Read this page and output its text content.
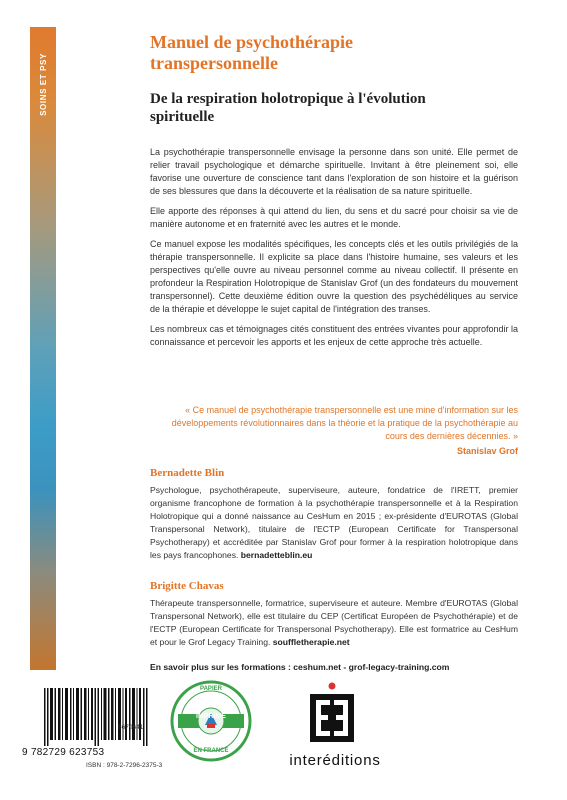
SOINS ET PSY
Manuel de psychothérapie transpersonnelle
De la respiration holotropique à l'évolution spirituelle

La psychothérapie transpersonnelle envisage la personne dans son unité. Elle permet de relier travail psychologique et démarche spirituelle. Invitant à être pleinement soi, elle favorise une ouverture de conscience tant dans l'exploration de son histoire et la guérison de ses blessures que dans la découverte et la réalisation de sa nature spirituelle.

Elle apporte des réponses à qui attend du lien, du sens et du sacré pour choisir sa vie de manière autonome et en fraternité avec les autres et le monde.

Ce manuel expose les modalités spécifiques, les concepts clés et les outils privilégiés de la thérapie transpersonnelle. Il explicite sa place dans l'histoire humaine, ses valeurs et les perspectives qu'elle ouvre au niveau personnel comme au niveau collectif. Il présente en profondeur la Respiration Holotropique de Stanislav Grof (un des fondateurs du mouvement transpersonnel). Cette deuxième édition ouvre la question des psychédéliques au service de la thérapie et développe le sujet capital de l'intégration des transes.

Les nombreux cas et témoignages cités constituent des entrées vivantes pour approfondir la connaissance et percevoir les apports et les enjeux de cette approche très actuelle.

« Ce manuel de psychothérapie transpersonnelle est une mine d'information sur les développements révolutionnaires dans la théorie et la pratique de la psychothérapie au cours des dernières décennies. »
Stanislav Grof
Bernadette Blin
Psychologue, psychothérapeute, superviseure, auteure, fondatrice de l'IRETT, premier organisme francophone de formation à la psychothérapie transpersonnelle et à la Respiration Holotropique qui a donné naissance au CesHum en 2015 ; ex-présidente d'EUROTAS (Global Transpersonal Network), titulaire de l'ECTP (European Certificate for Transpersonal Psychotherapy) et accréditée par Stanislav Grof pour former à la respiration holotropique dans les pays francophones. bernadetteblin.eu
Brigitte Chavas
Thérapeute transpersonnelle, formatrice, superviseure et auteure. Membre d'EUROTAS (Global Transpersonal Network), elle est titulaire du CEP (Certificat Européen de Psychothérapie) et de l'ECTP (European Certificate for Transpersonal Psychotherapy). Elle est formatrice au CesHum et pour le Grof Legacy Training. souffletherapie.net
En savoir plus sur les formations : ceshum.net - grof-legacy-training.com
9 782729 623753
6670641
ISBN : 978-2-7296-2375-3
IMPRIMÉ
PAPIER
EN FRANCE
interéditions
